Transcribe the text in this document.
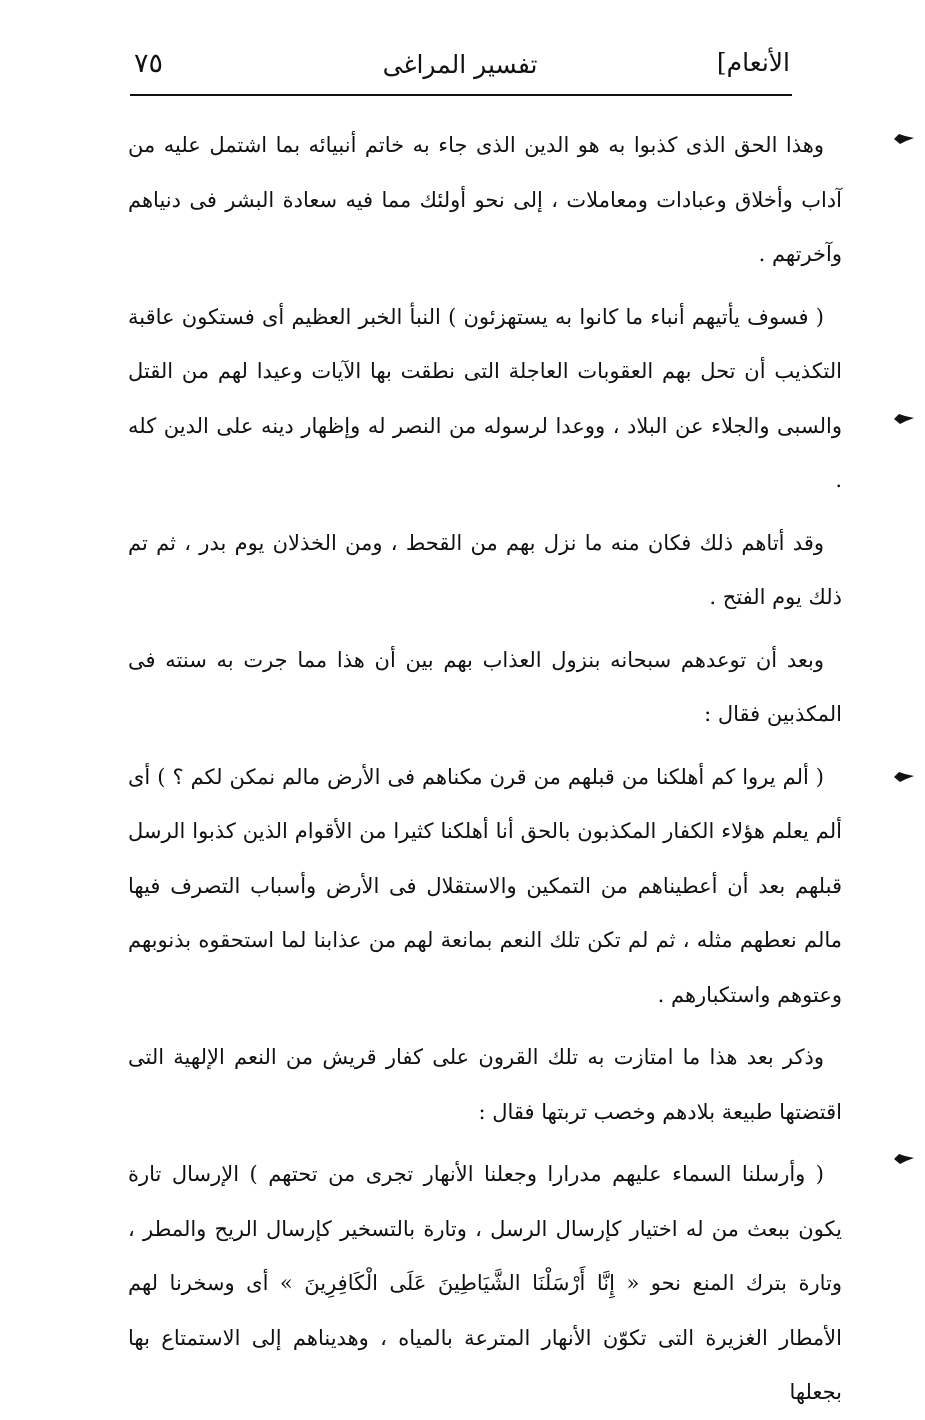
الأنعام]
تفسير المراغى
٧٥

وهذا الحق الذى كذبوا به هو الدين الذى جاء به خاتم أنبيائه بما اشتمل عليه من آداب وأخلاق وعبادات ومعاملات ، إلى نحو أولئك مما فيه سعادة البشر فى دنياهم وآخرتهم .

( فسوف يأتيهم أنباء ما كانوا به يستهزئون ) النبأ الخبر العظيم أى فستكون عاقبة التكذيب أن تحل بهم العقوبات العاجلة التى نطقت بها الآيات وعيدا لهم من القتل والسبى والجلاء عن البلاد ، ووعدا لرسوله من النصر له وإظهار دينه على الدين كله .

وقد أتاهم ذلك فكان منه ما نزل بهم من القحط ، ومن الخذلان يوم بدر ، ثم تم ذلك يوم الفتح .

وبعد أن توعدهم سبحانه بنزول العذاب بهم بين أن هذا مما جرت به سنته فى المكذبين فقال :

( ألم يروا كم أهلكنا من قبلهم من قرن مكناهم فى الأرض مالم نمكن لكم ؟ ) أى ألم يعلم هؤلاء الكفار المكذبون بالحق أنا أهلكنا كثيرا من الأقوام الذين كذبوا الرسل قبلهم بعد أن أعطيناهم من التمكين والاستقلال فى الأرض وأسباب التصرف فيها مالم نعطهم مثله ، ثم لم تكن تلك النعم بمانعة لهم من عذابنا لما استحقوه بذنوبهم وعتوهم واستكبارهم .

وذكر بعد هذا ما امتازت به تلك القرون على كفار قريش من النعم الإلهية التى اقتضتها طبيعة بلادهم وخصب تربتها فقال :

( وأرسلنا السماء عليهم مدرارا وجعلنا الأنهار تجرى من تحتهم ) الإرسال تارة يكون ببعث من له اختيار كإرسال الرسل ، وتارة بالتسخير كإرسال الريح والمطر ، وتارة بترك المنع نحو « إِنَّا أَرْسَلْنَا الشَّيَاطِينَ عَلَى الْكَافِرِينَ » أى وسخرنا لهم الأمطار الغزيرة التى تكوّن الأنهار المترعة بالمياه ، وهديناهم إلى الاستمتاع بها بجعلها
